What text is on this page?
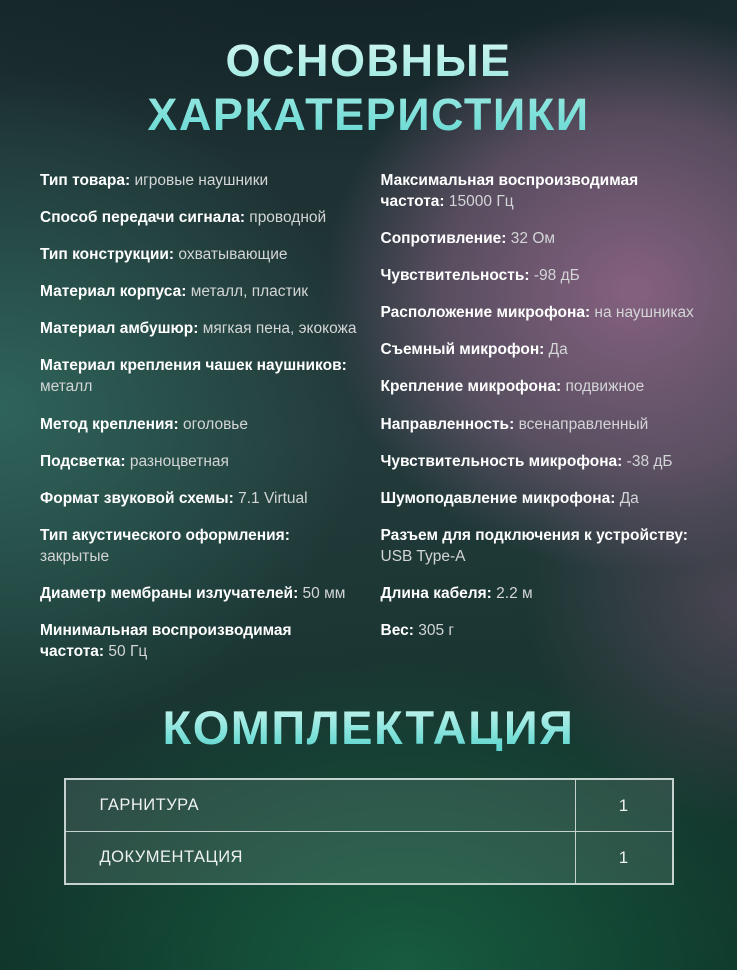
ОСНОВНЫЕ
ХАРКАТЕРИСТИКИ

Тип товара: игровые наушники

Способ передачи сигнала: проводной

Тип конструкции: охватывающие

Материал корпуса: металл, пластик

Материал амбушюр: мягкая пена, экокожа

Материал крепления чашек наушников: металл

Метод крепления: оголовье

Подсветка: разноцветная

Формат звуковой схемы: 7.1 Virtual

Тип акустического оформления: закрытые

Диаметр мембраны излучателей: 50 мм

Минимальная воспроизводимая частота: 50 Гц

Максимальная воспроизводимая частота: 15000 Гц

Сопротивление: 32 Ом

Чувствительность: -98 дБ

Расположение микрофона: на наушниках

Съемный микрофон: Да

Крепление микрофона: подвижное

Направленность: всенаправленный

Чувствительность микрофона: -38 дБ

Шумоподавление микрофона: Да

Разъем для подключения к устройству: USB Type-A

Длина кабеля: 2.2 м

Вес: 305 г

КОМПЛЕКТАЦИЯ
ГАРНИТУРА	1
ДОКУМЕНТАЦИЯ	1
